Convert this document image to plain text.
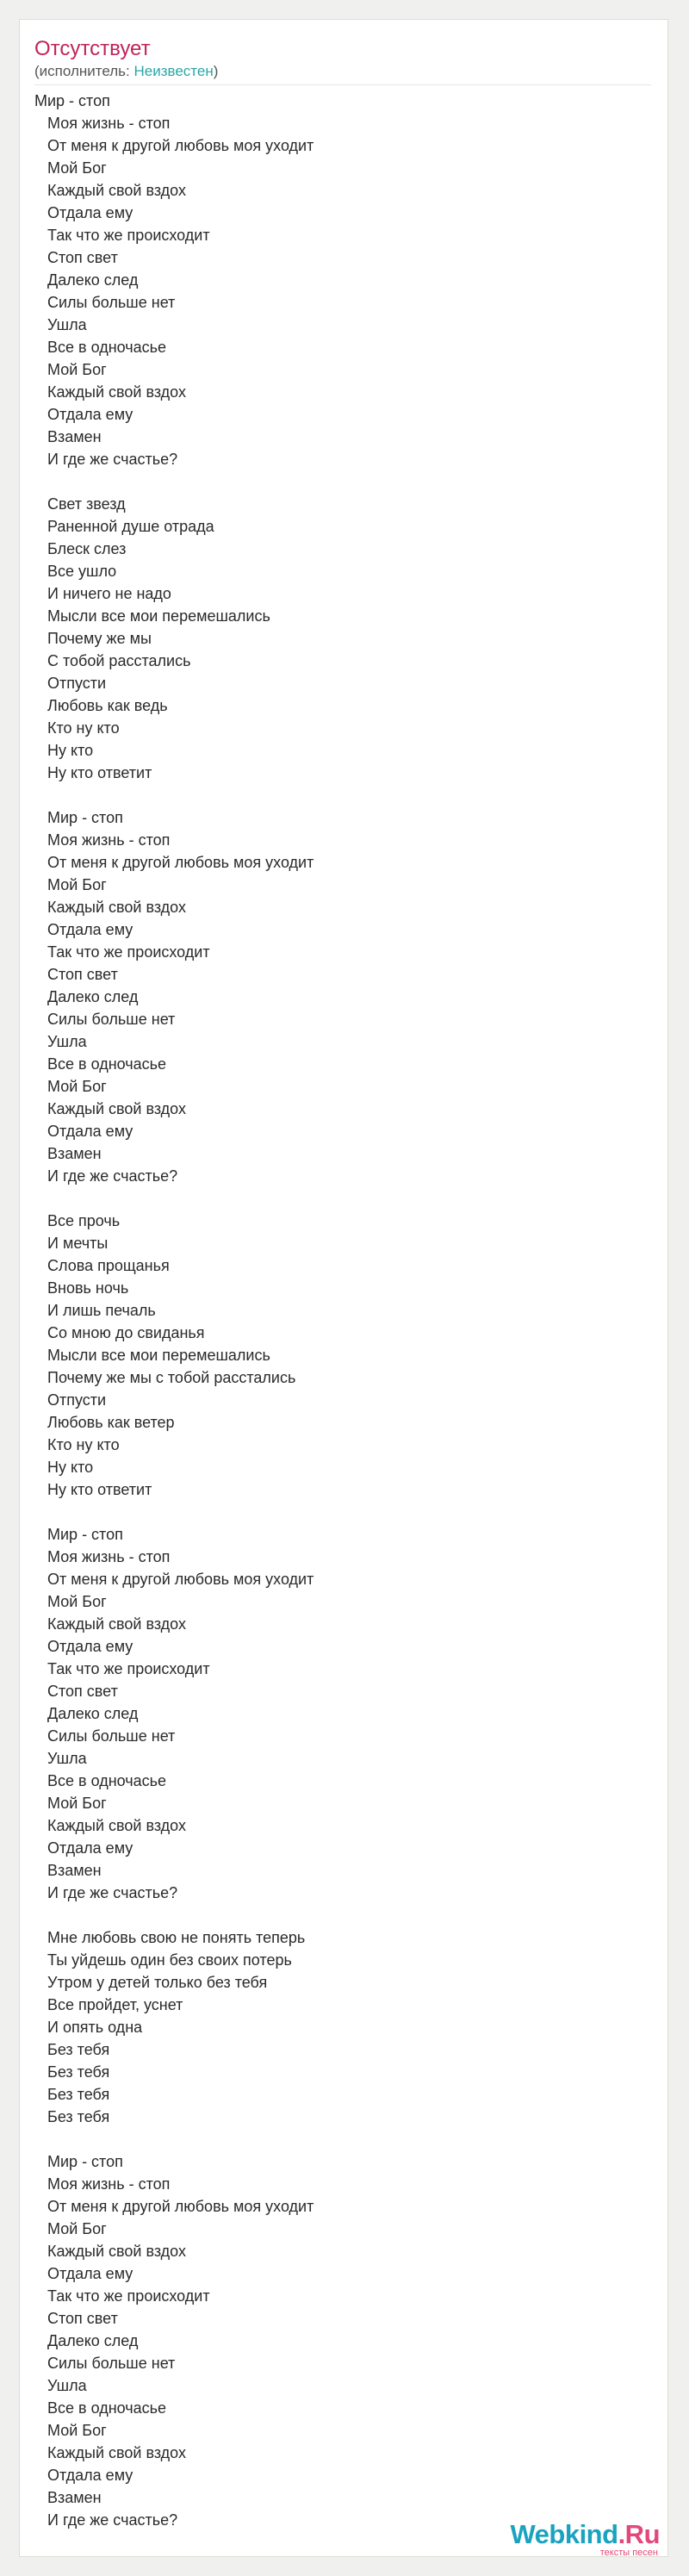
Отсутствует
(исполнитель: Неизвестен)
Мир - стоп
Моя жизнь - стоп
От меня к другой любовь моя уходит
Мой Бог
Каждый свой вздох
Отдала ему
Так что же происходит
Стоп свет
Далеко след
Силы больше нет
Ушла
Все в одночасье
Мой Бог
Каждый свой вздох
Отдала ему
Взамен
И где же счастье?
Свет звезд
Раненной душе отрада
Блеск слез
Все ушло
И ничего не надо
Мысли все мои перемешались
Почему же мы
С тобой расстались
Отпусти
Любовь как ведь
Кто ну кто
Ну кто
Ну кто ответит
Мир - стоп
Моя жизнь - стоп
От меня к другой любовь моя уходит
Мой Бог
Каждый свой вздох
Отдала ему
Так что же происходит
Стоп свет
Далеко след
Силы больше нет
Ушла
Все в одночасье
Мой Бог
Каждый свой вздох
Отдала ему
Взамен
И где же счастье?
Все прочь
И мечты
Слова прощанья
Вновь ночь
И лишь печаль
Со мною до свиданья
Мысли все мои перемешались
Почему же мы с тобой расстались
Отпусти
Любовь как ветер
Кто ну кто
Ну кто
Ну кто ответит
Мир - стоп
Моя жизнь - стоп
От меня к другой любовь моя уходит
Мой Бог
Каждый свой вздох
Отдала ему
Так что же происходит
Стоп свет
Далеко след
Силы больше нет
Ушла
Все в одночасье
Мой Бог
Каждый свой вздох
Отдала ему
Взамен
И где же счастье?
Мне любовь свою не понять теперь
Ты уйдешь один без своих потерь
Утром у детей только без тебя
Все пройдет, уснет
И опять одна
Без тебя
Без тебя
Без тебя
Без тебя
Мир - стоп
Моя жизнь - стоп
От меня к другой любовь моя уходит
Мой Бог
Каждый свой вздох
Отдала ему
Так что же происходит
Стоп свет
Далеко след
Силы больше нет
Ушла
Все в одночасье
Мой Бог
Каждый свой вздох
Отдала ему
Взамен
И где же счастье?	Webkind.Ru
тексты песен
